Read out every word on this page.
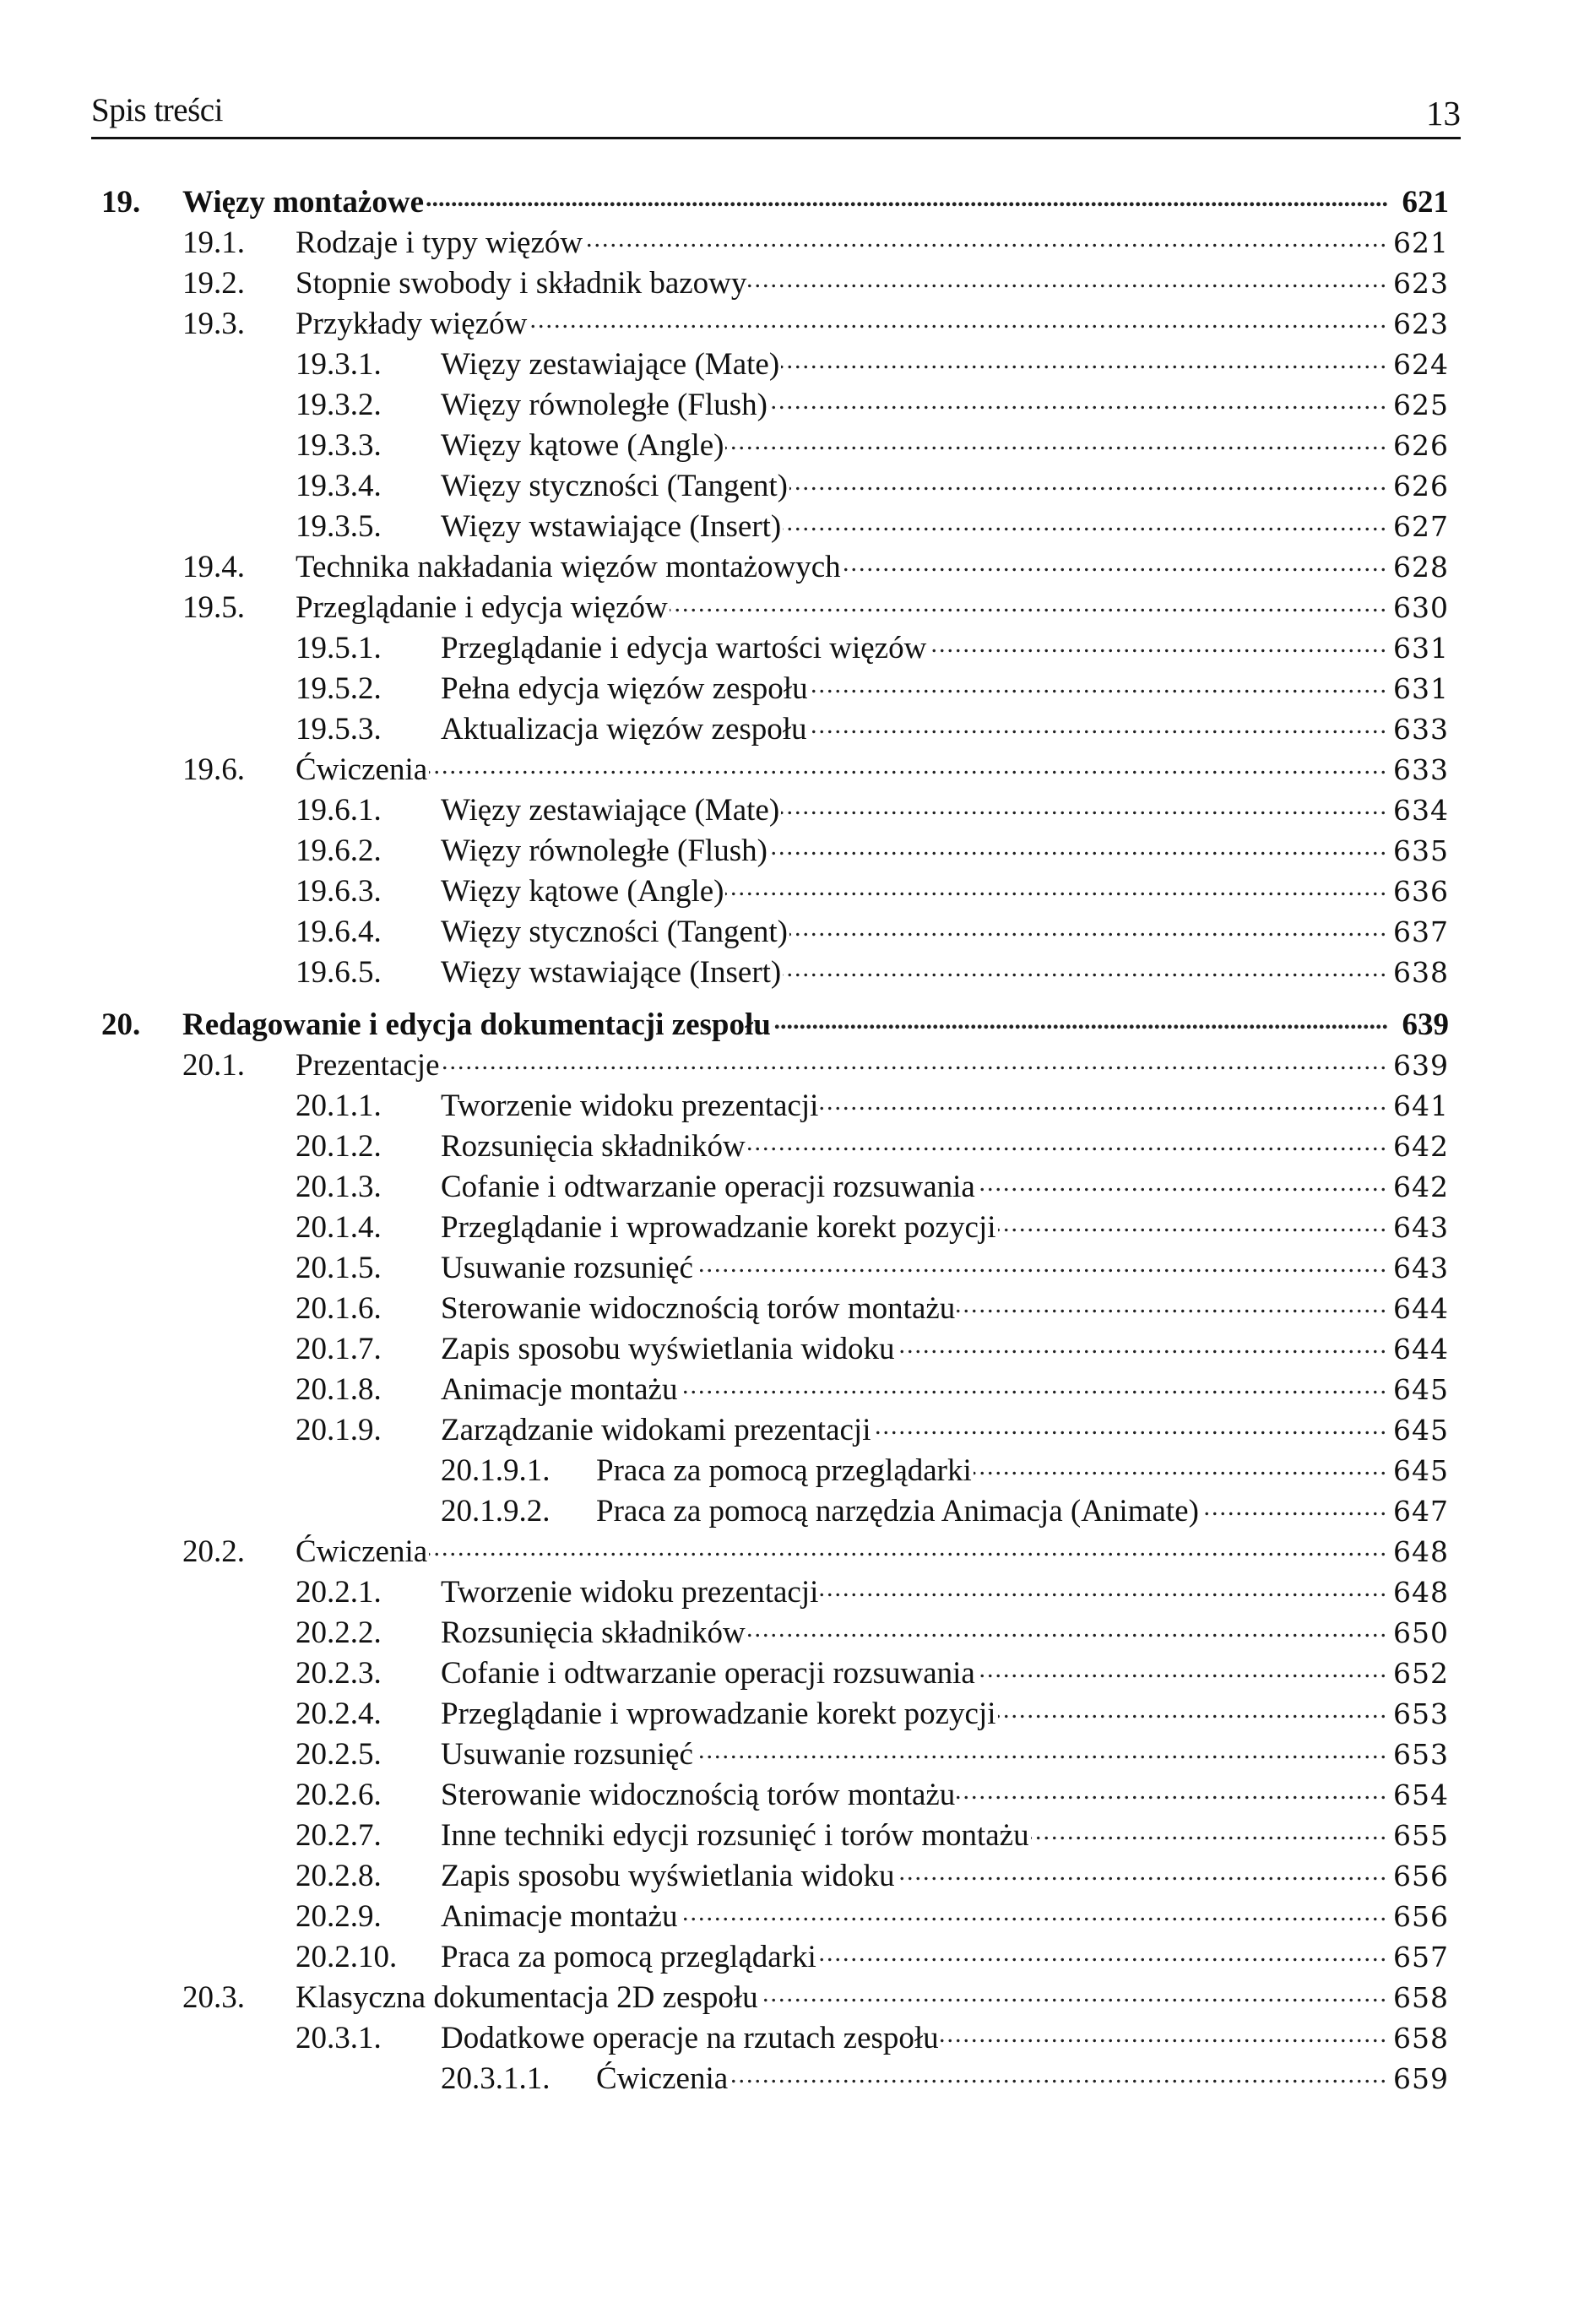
Spis treści	13
19.	Więzy montażowe .....	621
19.1.	Rodzaje i typy więzów .....	621
19.2.	Stopnie swobody i składnik bazowy .....	623
19.3.	Przykłady więzów .....	623
19.3.1.	Więzy zestawiające (Mate) .....	624
19.3.2.	Więzy równoległe (Flush) .....	625
19.3.3.	Więzy kątowe (Angle) .....	626
19.3.4.	Więzy styczności (Tangent) .....	626
19.3.5.	Więzy wstawiające (Insert) .....	627
19.4.	Technika nakładania więzów montażowych .....	628
19.5.	Przeglądanie i edycja więzów .....	630
19.5.1.	Przeglądanie i edycja wartości więzów .....	631
19.5.2.	Pełna edycja więzów zespołu .....	631
19.5.3.	Aktualizacja więzów zespołu .....	633
19.6.	Ćwiczenia .....	633
19.6.1.	Więzy zestawiające (Mate) .....	634
19.6.2.	Więzy równoległe (Flush) .....	635
19.6.3.	Więzy kątowe (Angle) .....	636
19.6.4.	Więzy styczności (Tangent) .....	637
19.6.5.	Więzy wstawiające (Insert) .....	638
20.	Redagowanie i edycja dokumentacji zespołu .....	639
20.1.	Prezentacje .....	639
20.1.1.	Tworzenie widoku prezentacji .....	641
20.1.2.	Rozsunięcia składników .....	642
20.1.3.	Cofanie i odtwarzanie operacji rozsuwania .....	642
20.1.4.	Przeglądanie i wprowadzanie korekt pozycji .....	643
20.1.5.	Usuwanie rozsunięć .....	643
20.1.6.	Sterowanie widocznością torów montażu .....	644
20.1.7.	Zapis sposobu wyświetlania widoku .....	644
20.1.8.	Animacje montażu .....	645
20.1.9.	Zarządzanie widokami prezentacji .....	645
20.1.9.1.	Praca za pomocą przeglądarki .....	645
20.1.9.2.	Praca za pomocą narzędzia Animacja (Animate) .....	647
20.2.	Ćwiczenia .....	648
20.2.1.	Tworzenie widoku prezentacji .....	648
20.2.2.	Rozsunięcia składników .....	650
20.2.3.	Cofanie i odtwarzanie operacji rozsuwania .....	652
20.2.4.	Przeglądanie i wprowadzanie korekt pozycji .....	653
20.2.5.	Usuwanie rozsunięć .....	653
20.2.6.	Sterowanie widocznością torów montażu .....	654
20.2.7.	Inne techniki edycji rozsunięć i torów montażu .....	655
20.2.8.	Zapis sposobu wyświetlania widoku .....	656
20.2.9.	Animacje montażu .....	656
20.2.10.	Praca za pomocą przeglądarki .....	657
20.3.	Klasyczna dokumentacja 2D zespołu .....	658
20.3.1.	Dodatkowe operacje na rzutach zespołu .....	658
20.3.1.1.	Ćwiczenia .....	659
